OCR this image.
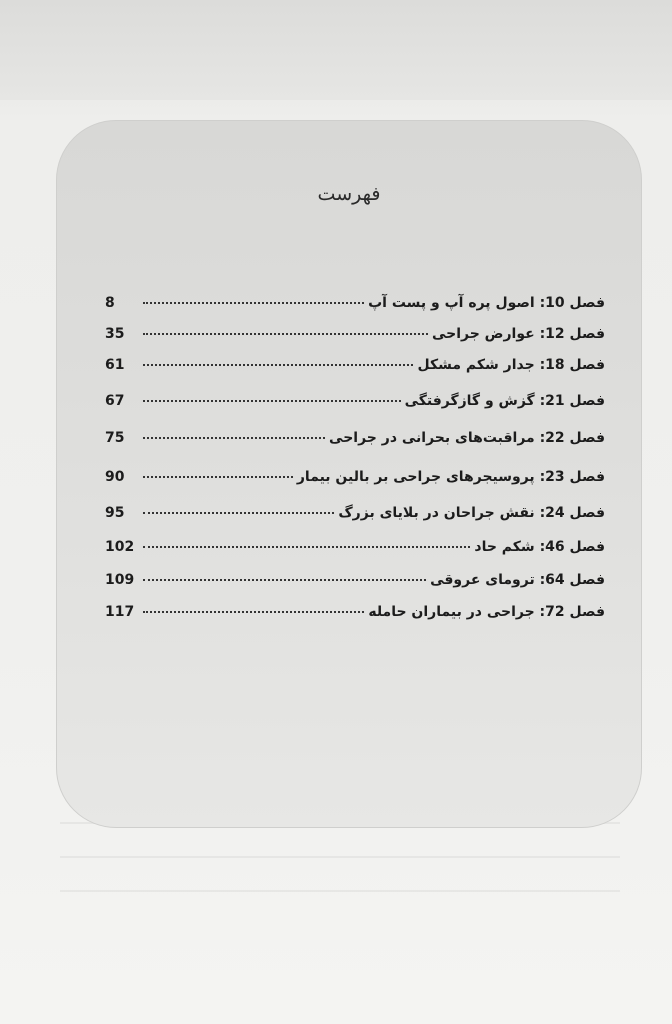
فهرست
فصل 10: اصول پره آپ و پست آپ
8
فصل 12: عوارض جراحی
35
فصل 18: جدار شکم مشکل
61
فصل 21: گزش و گازگرفتگی
67
فصل 22: مراقبت‌های بحرانی در جراحی
75
فصل 23: پروسیجرهای جراحی بر بالین بیمار
90
فصل 24: نقش جراحان در بلایای بزرگ
95
فصل 46: شکم حاد
102
فصل 64: ترومای عروقی
109
فصل 72: جراحی در بیماران حامله
117
